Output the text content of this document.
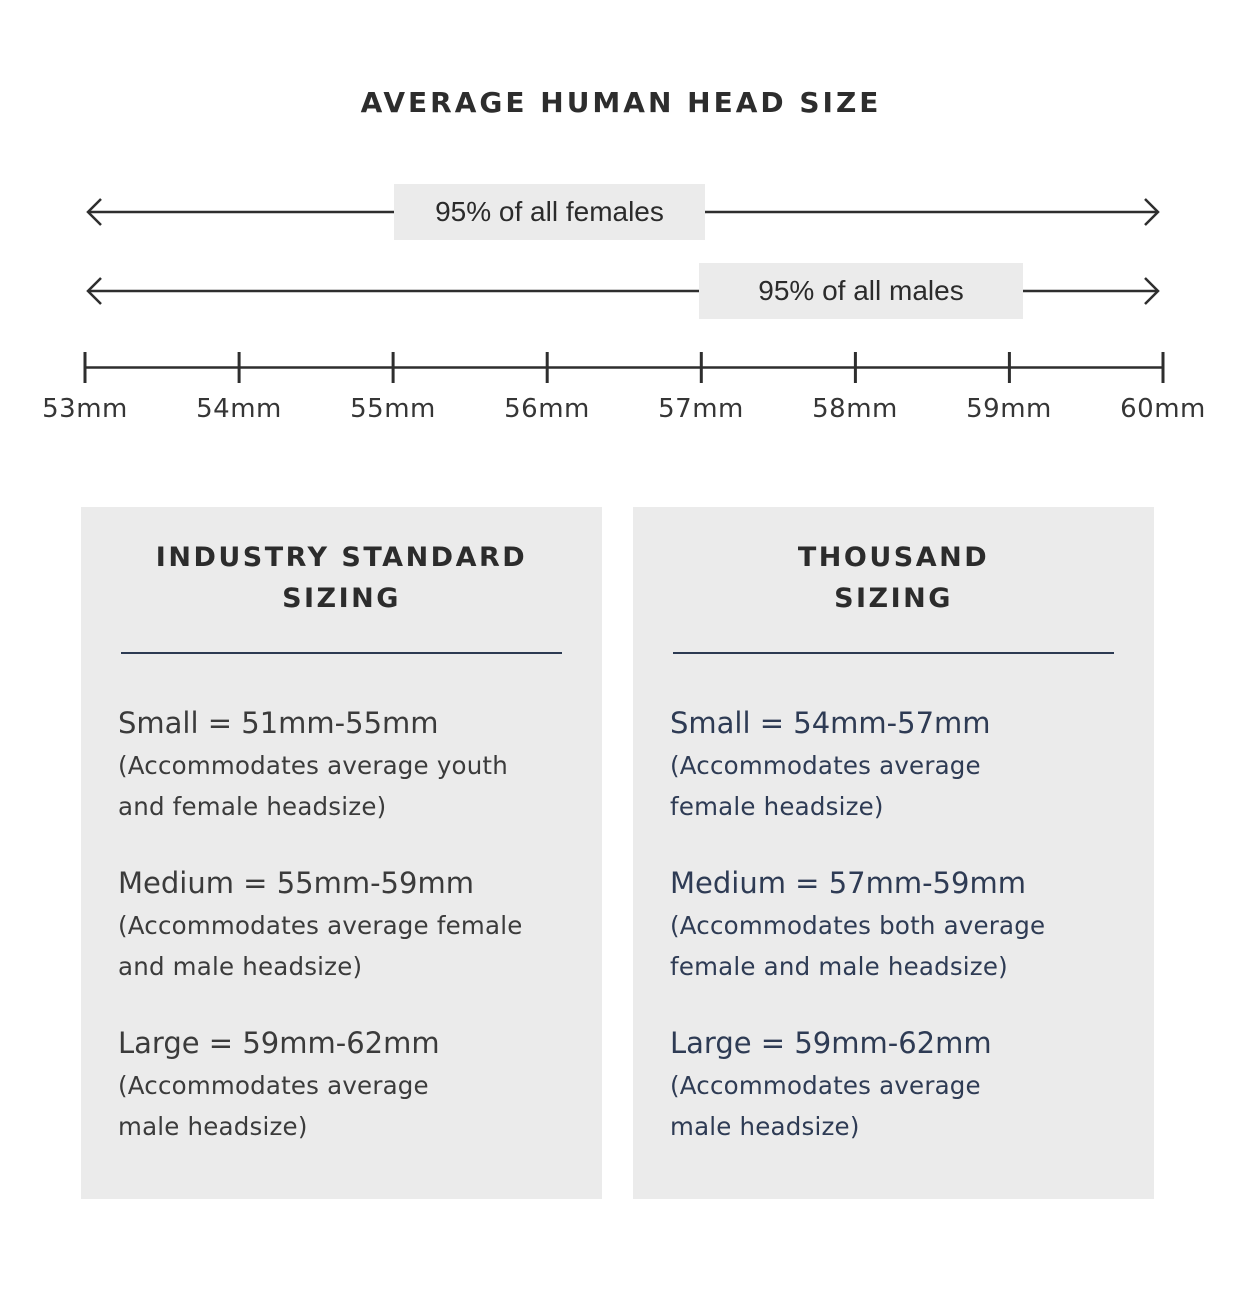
AVERAGE HUMAN HEAD SIZE
95% of all females
95% of all males
53mm	54mm	55mm	56mm	57mm	58mm	59mm	60mm
INDUSTRY STANDARD
SIZING
Small = 51mm-55mm
(Accommodates average youth
and female headsize)
Medium = 55mm-59mm
(Accommodates average female
and male headsize)
Large = 59mm-62mm
(Accommodates average
male headsize)
THOUSAND
SIZING
Small = 54mm-57mm
(Accommodates average
female headsize)
Medium = 57mm-59mm
(Accommodates both average
female and male headsize)
Large = 59mm-62mm
(Accommodates average
male headsize)
